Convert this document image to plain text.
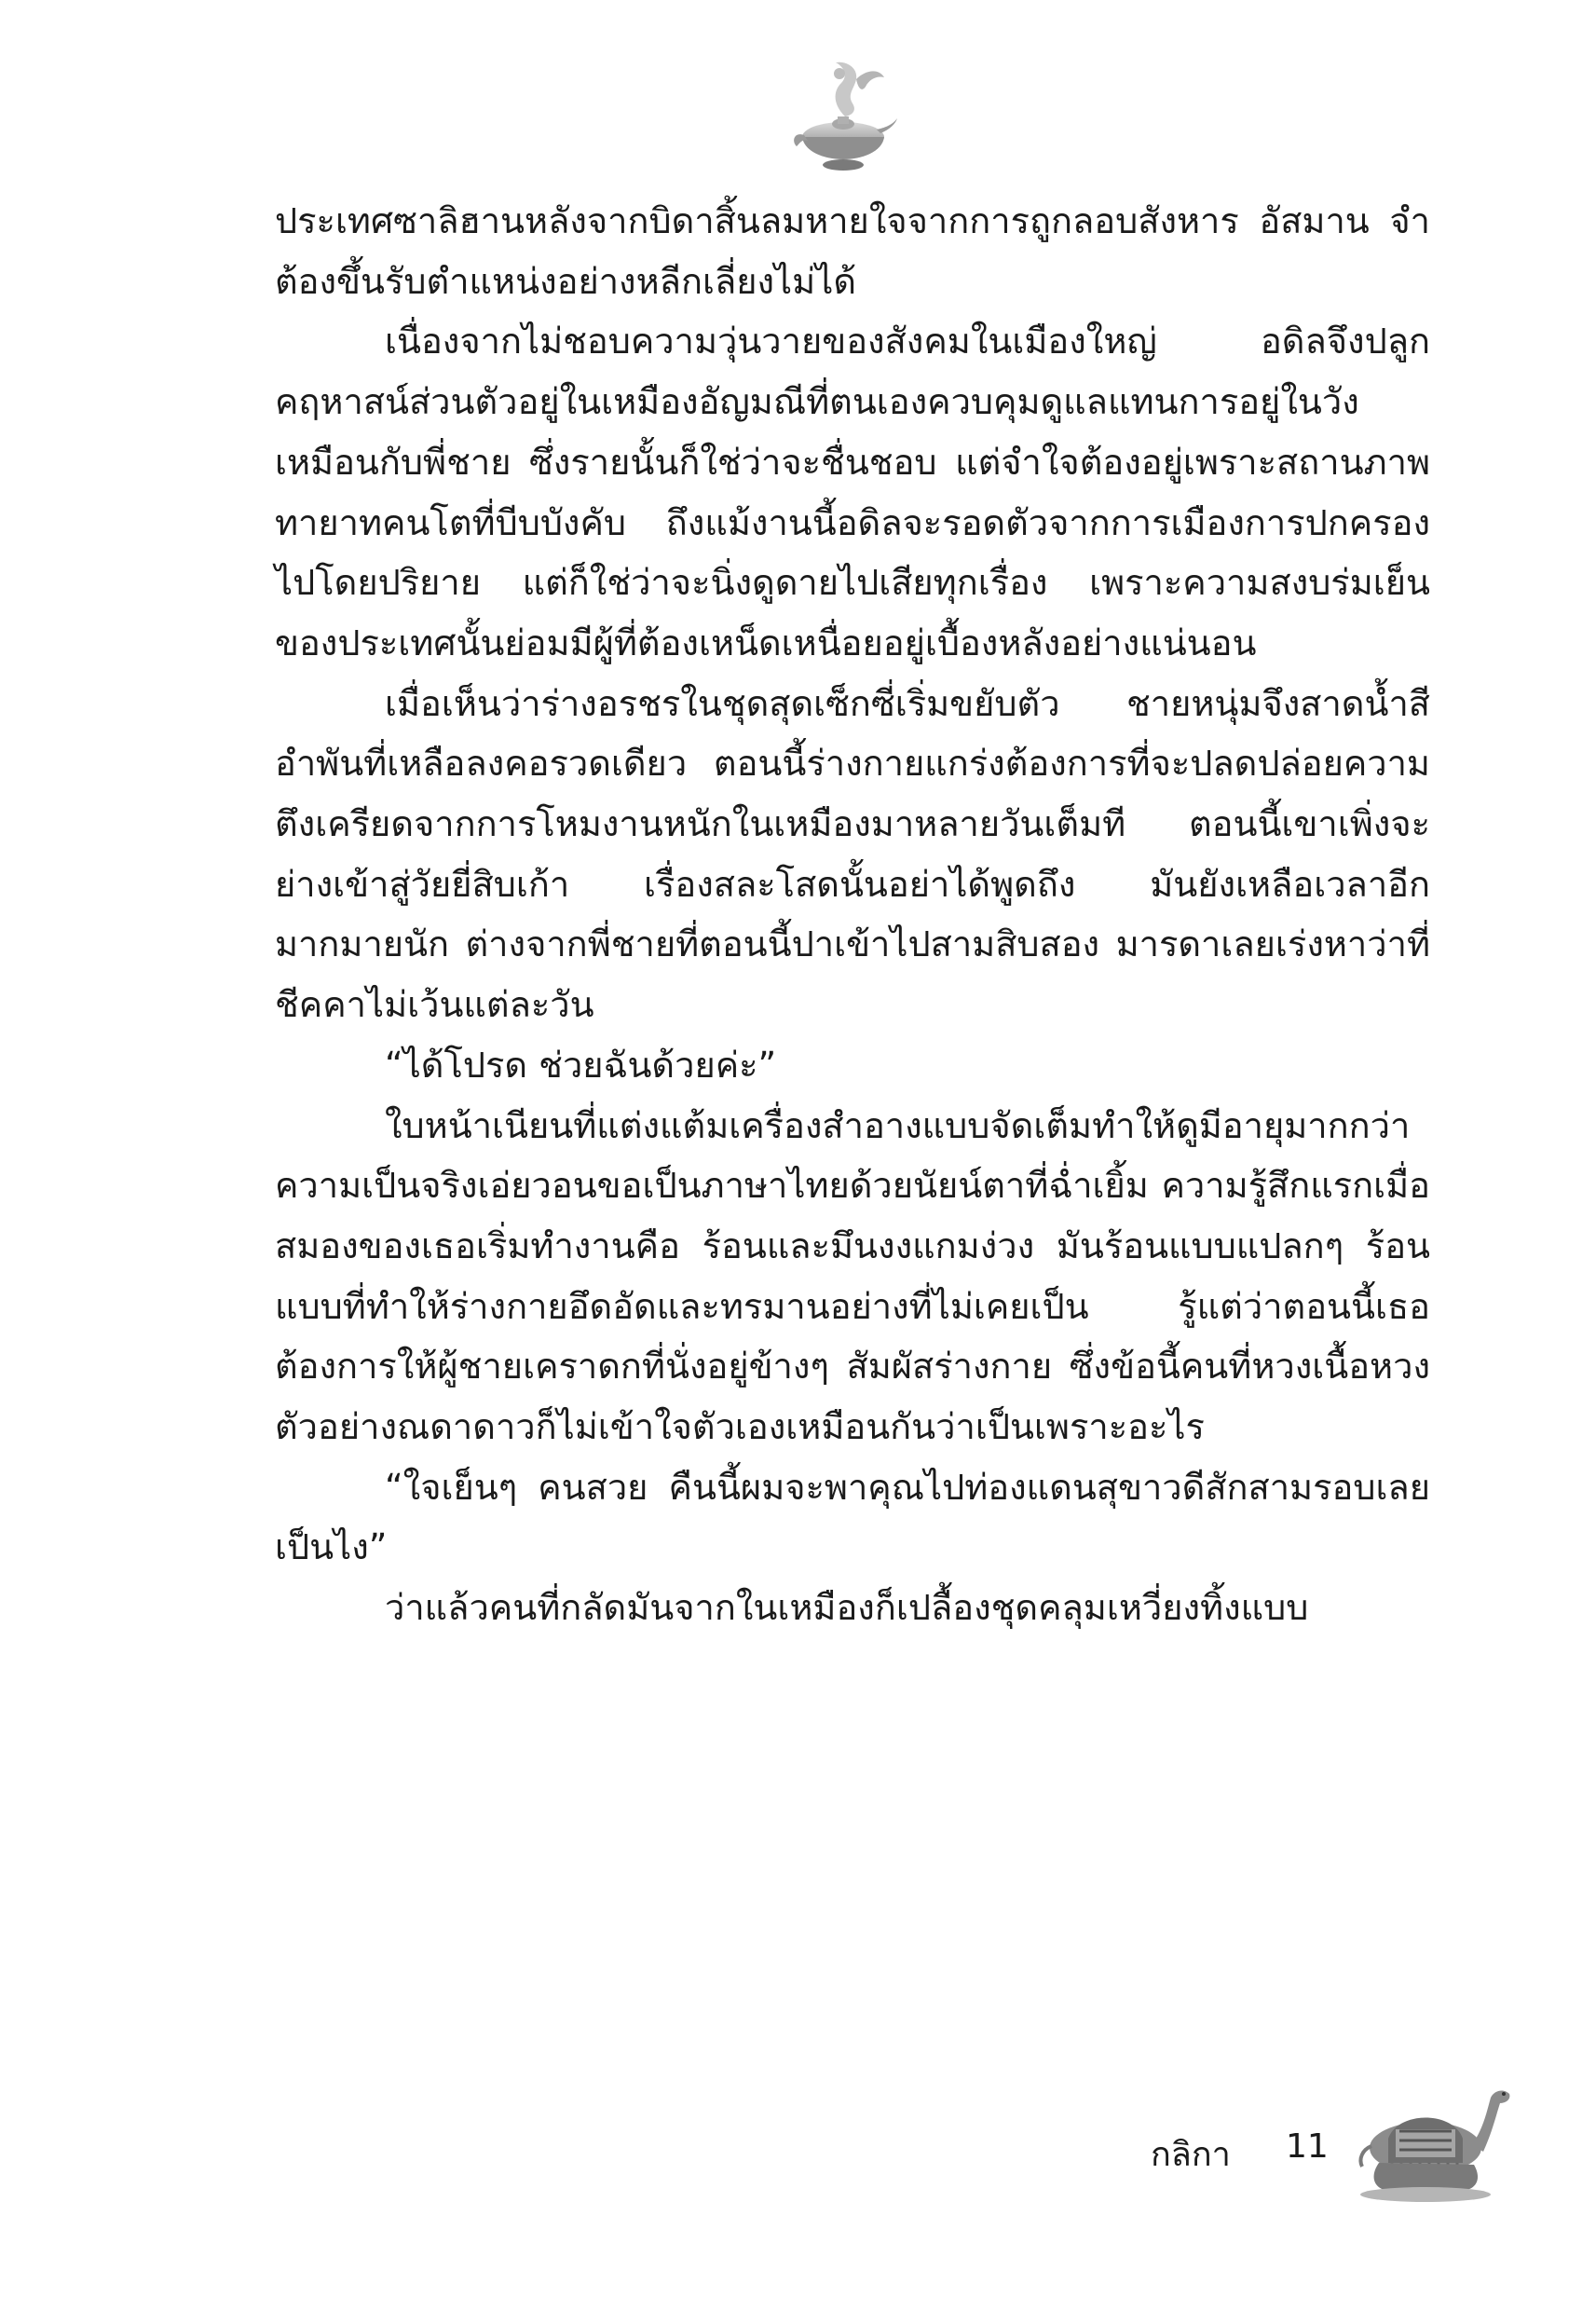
ประเทศซาลิฮานหลังจากบิดาสิ้นลมหายใจจากการถูกลอบสังหาร อัสมาน จำต้องขึ้นรับตำแหน่งอย่างหลีกเลี่ยงไม่ได้

เนื่องจากไม่ชอบความวุ่นวายของสังคมในเมืองใหญ่ อดิลจึงปลูกคฤหาสน์ส่วนตัวอยู่ในเหมืองอัญมณีที่ตนเองควบคุมดูแลแทนการอยู่ในวังเหมือนกับพี่ชาย ซึ่งรายนั้นก็ใช่ว่าจะชื่นชอบ แต่จำใจต้องอยู่เพราะสถานภาพทายาทคนโตที่บีบบังคับ ถึงแม้งานนี้อดิลจะรอดตัวจากการเมืองการปกครองไปโดยปริยาย แต่ก็ใช่ว่าจะนิ่งดูดายไปเสียทุกเรื่อง เพราะความสงบร่มเย็นของประเทศนั้นย่อมมีผู้ที่ต้องเหน็ดเหนื่อยอยู่เบื้องหลังอย่างแน่นอน

เมื่อเห็นว่าร่างอรชรในชุดสุดเซ็กซี่เริ่มขยับตัว ชายหนุ่มจึงสาดน้ำสีอำพันที่เหลือลงคอรวดเดียว ตอนนี้ร่างกายแกร่งต้องการที่จะปลดปล่อยความตึงเครียดจากการโหมงานหนักในเหมืองมาหลายวันเต็มที ตอนนี้เขาเพิ่งจะย่างเข้าสู่วัยยี่สิบเก้า เรื่องสละโสดนั้นอย่าได้พูดถึง มันยังเหลือเวลาอีกมากมายนัก ต่างจากพี่ชายที่ตอนนี้ปาเข้าไปสามสิบสอง มารดาเลยเร่งหาว่าที่ชีคคาไม่เว้นแต่ละวัน

“ได้โปรด ช่วยฉันด้วยค่ะ”

ใบหน้าเนียนที่แต่งแต้มเครื่องสำอางแบบจัดเต็มทำให้ดูมีอายุมากกว่าความเป็นจริงเอ่ยวอนขอเป็นภาษาไทยด้วยนัยน์ตาที่ฉ่ำเยิ้ม ความรู้สึกแรกเมื่อสมองของเธอเริ่มทำงานคือ ร้อนและมึนงงแกมง่วง มันร้อนแบบแปลกๆ ร้อนแบบที่ทำให้ร่างกายอึดอัดและทรมานอย่างที่ไม่เคยเป็น รู้แต่ว่าตอนนี้เธอต้องการให้ผู้ชายเคราดกที่นั่งอยู่ข้างๆ สัมผัสร่างกาย ซึ่งข้อนี้คนที่หวงเนื้อหวงตัวอย่างณดาดาวก็ไม่เข้าใจตัวเองเหมือนกันว่าเป็นเพราะอะไร

“ใจเย็นๆ คนสวย คืนนี้ผมจะพาคุณไปท่องแดนสุขาวดีสักสามรอบเลยเป็นไง”

ว่าแล้วคนที่กลัดมันจากในเหมืองก็เปลื้องชุดคลุมเหวี่ยงทิ้งแบบ

กลิกา 11
